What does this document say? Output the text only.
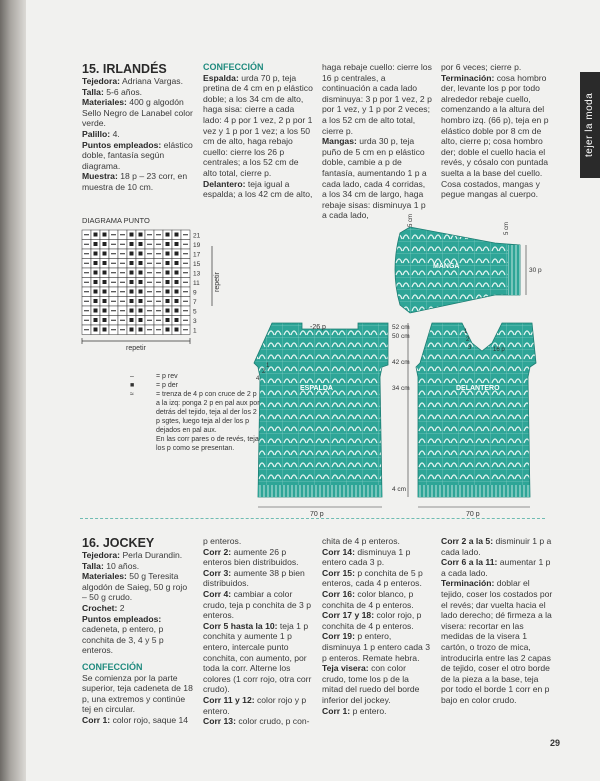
tejer la moda

15. IRLANDÉS

Tejedora: Adriana Vargas.

Talla: 5-6 años.

Materiales: 400 g algodón Sello Negro de Lanabel color verde.

Palillo: 4.

Puntos empleados: elástico doble, fantasía según diagrama.

Muestra: 18 p – 23 corr, en muestra de 10 cm.

CONFECCIÓN

Espalda: urda 70 p, teja pretina de 4 cm en p elástico doble; a los 34 cm de alto, haga sisa: cierre a cada lado: 4 p por 1 vez, 2 p por 1 vez y 1 p por 1 vez; a los 50 cm de alto, haga rebajo cuello: cierre los 26 p centrales; a los 52 cm de alto total, cierre p.

Delantero: teja igual a espalda; a los 42 cm de alto,

haga rebaje cuello: cierre los 16 p centrales, a continuación a cada lado disminuya: 3 p por 1 vez, 2 p por 1 vez, y 1 p por 2 veces; a los 52 cm de alto total, cierre p.

Mangas: urda 30 p, teja puño de 5 cm en p elástico doble, cambie a p de fantasía, aumentando 1 p a cada lado, cada 4 corridas, a los 34 cm de largo, haga rebaje sisas: disminuya 1 p a cada lado,

por 6 veces; cierre p.

Terminación: cosa hombro der, levante los p por todo alrededor rebaje cuello, comenzando a la altura del hombro izq. (66 p), teja en p elástico doble por 8 cm de alto, cierre p; cosa hombro der; doble el cuello hacia el revés, y cósalo con puntada suelta a la base del cuello. Cosa costados, mangas y pegue mangas al cuerpo.

DIAGRAMA PUNTO
21
19
17
15
13
11
9
7
5
3
1
repetir
repetir
–	= p rev
■	= p der
≈	= trenza de 4 p con cruce de 2 p a la izq: ponga 2 p en pal aux por detrás del tejido, teja al der los 2 p sgtes, luego teja al der los p dejados en pal aux.
En las corr pares o de revés, teja los p como se presentan.
MANGA
5 cm
5 cm
30 p
ESPALDA
-26 p
1
2
4
70 p
52 cm
50 cm
42 cm
34 cm
4 cm
DELANTERO
1
2
3	16 p
70 p

16. JOCKEY

Tejedora: Perla Durandin.

Talla: 10 años.

Materiales: 50 g Teresita algodón de Saieg, 50 g rojo – 50 g crudo.

Crochet: 2

Puntos empleados: cadeneta, p entero, p conchita de 3, 4 y 5 p enteros.

CONFECCIÓN

Se comienza por la parte superior, teja cadeneta de 18 p, una extremos y continúe tej en circular.

Corr 1: color rojo, saque 14

p enteros.

Corr 2: aumente 26 p enteros bien distribuidos.

Corr 3: aumente 38 p bien distribuidos.

Corr 4: cambiar a color crudo, teja p conchita de 3 p enteros.

Corr 5 hasta la 10: teja 1 p conchita y aumente 1 p entero, intercale punto conchita, con aumento, por toda la corr. Alterne los colores (1 corr rojo, otra corr crudo).

Corr 11 y 12: color rojo y p entero.

Corr 13: color crudo, p con-

chita de 4 p enteros.

Corr 14: disminuya 1 p entero cada 3 p.

Corr 15: p conchita de 5 p enteros, cada 4 p enteros.

Corr 16: color blanco, p conchita de 4 p enteros.

Corr 17 y 18: color rojo, p conchita de 4 p enteros.

Corr 19: p entero, disminuya 1 p entero cada 3 p enteros. Remate hebra.

Teja visera: con color crudo, tome los p de la mitad del ruedo del borde inferior del jockey.

Corr 1: p entero.

Corr 2 a la 5: disminuir 1 p a cada lado.

Corr 6 a la 11: aumentar 1 p a cada lado.

Terminación: doblar el tejido, coser los costados por el revés; dar vuelta hacia el lado derecho; dé firmeza a la visera: recortar en las medidas de la visera 1 cartón, o trozo de mica, introducirla entre las 2 capas de tejido, coser el otro borde de la pieza a la base, teja por todo el borde 1 corr en p bajo en color crudo.

29
